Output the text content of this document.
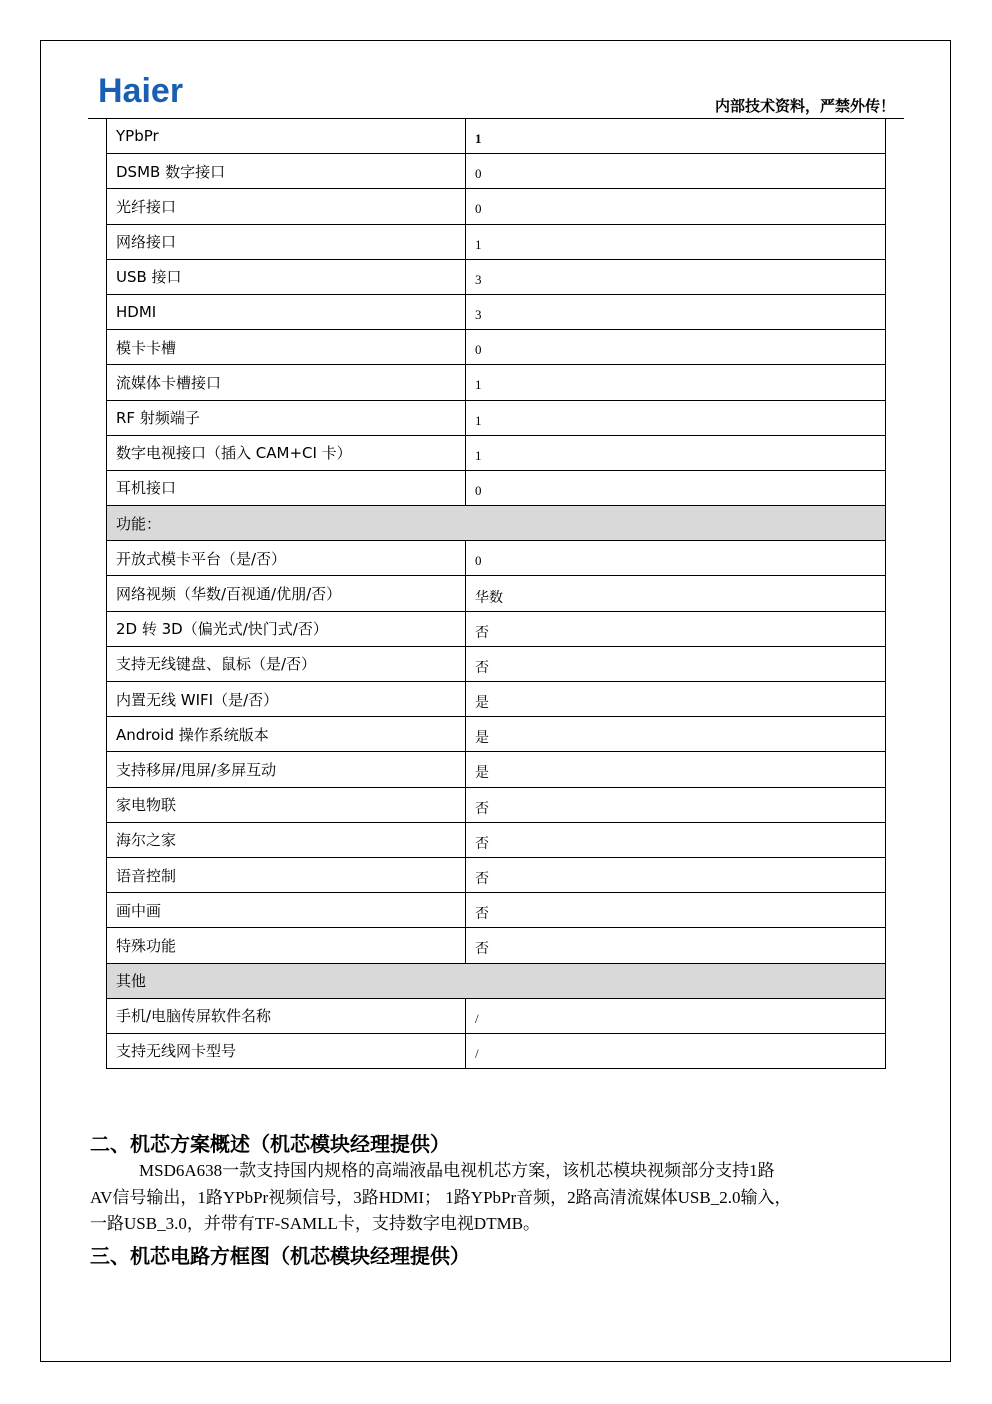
Haier	内部技术资料，严禁外传！
YPbPr	1
DSMB 数字接口	0
光纤接口	0
网络接口	1
USB 接口	3
HDMI	3
模卡卡槽	0
流媒体卡槽接口	1
RF 射频端子	1
数字电视接口（插入 CAM+CI 卡）	1
耳机接口	0
功能：	
开放式模卡平台（是/否）	0
网络视频（华数/百视通/优朋/否）	华数
2D 转 3D（偏光式/快门式/否）	否
支持无线键盘、鼠标（是/否）	否
内置无线 WIFI（是/否）	是
Android 操作系统版本	是
支持移屏/甩屏/多屏互动	是
家电物联	否
海尔之家	否
语音控制	否
画中画	否
特殊功能	否
其他	
手机/电脑传屏软件名称	/
支持无线网卡型号	/
二、机芯方案概述（机芯模块经理提供）

MSD6A638一款支持国内规格的高端液晶电视机芯方案，该机芯模块视频部分支持1路

AV信号输出，1路YPbPr视频信号，3路HDMI； 1路YPbPr音频，2路高清流媒体USB_2.0输入，

一路USB_3.0，并带有TF-SAMLL卡，支持数字电视DTMB。

三、机芯电路方框图（机芯模块经理提供）
